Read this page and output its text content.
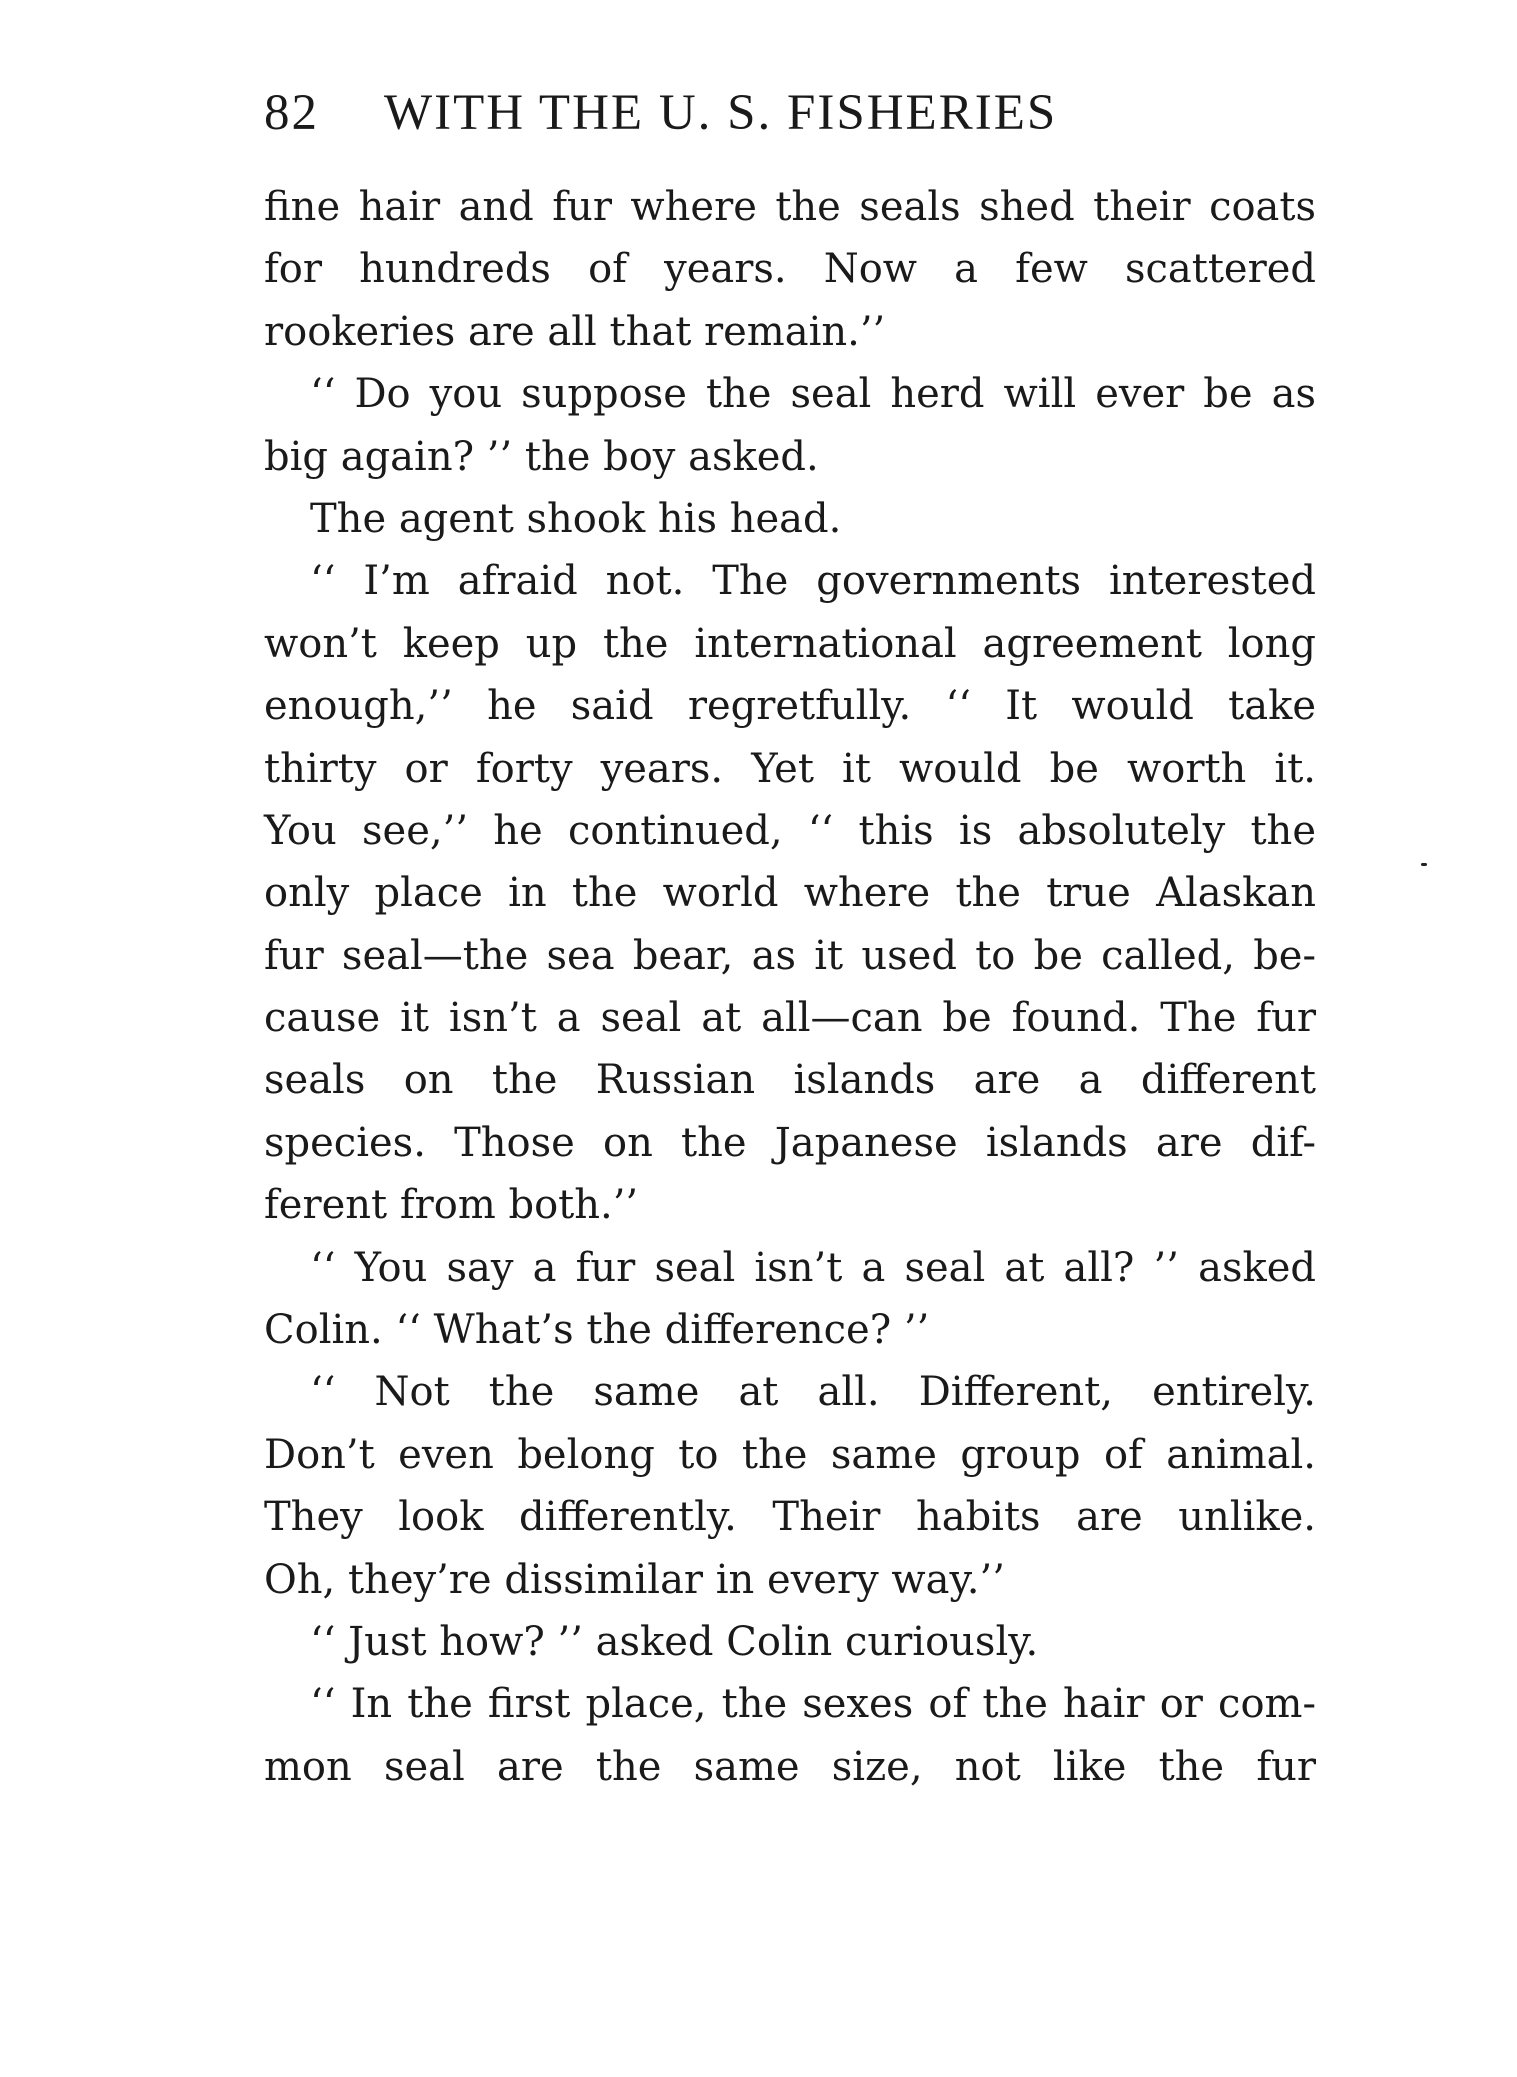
82 WITH THE U. S. FISHERIES
fine hair and fur where the seals shed their coats
for hundreds of years. Now a few scattered
rookeries are all that remain.’’
‘‘ Do you suppose the seal herd will ever be as
big again? ’’ the boy asked.
The agent shook his head.
‘‘ I’m afraid not. The governments interested
won’t keep up the international agreement long
enough,’’ he said regretfully. ‘‘ It would take
thirty or forty years. Yet it would be worth it.
You see,’’ he continued, ‘‘ this is absolutely the
only place in the world where the true Alaskan
fur seal—the sea bear, as it used to be called, be-
cause it isn’t a seal at all—can be found. The fur
seals on the Russian islands are a different
species. Those on the Japanese islands are dif-
ferent from both.’’
‘‘ You say a fur seal isn’t a seal at all? ’’ asked
Colin. ‘‘ What’s the difference? ’’
‘‘ Not the same at all. Different, entirely.
Don’t even belong to the same group of animal.
They look differently. Their habits are unlike.
Oh, they’re dissimilar in every way.’’
‘‘ Just how? ’’ asked Colin curiously.
‘‘ In the first place, the sexes of the hair or com-
mon seal are the same size, not like the fur
